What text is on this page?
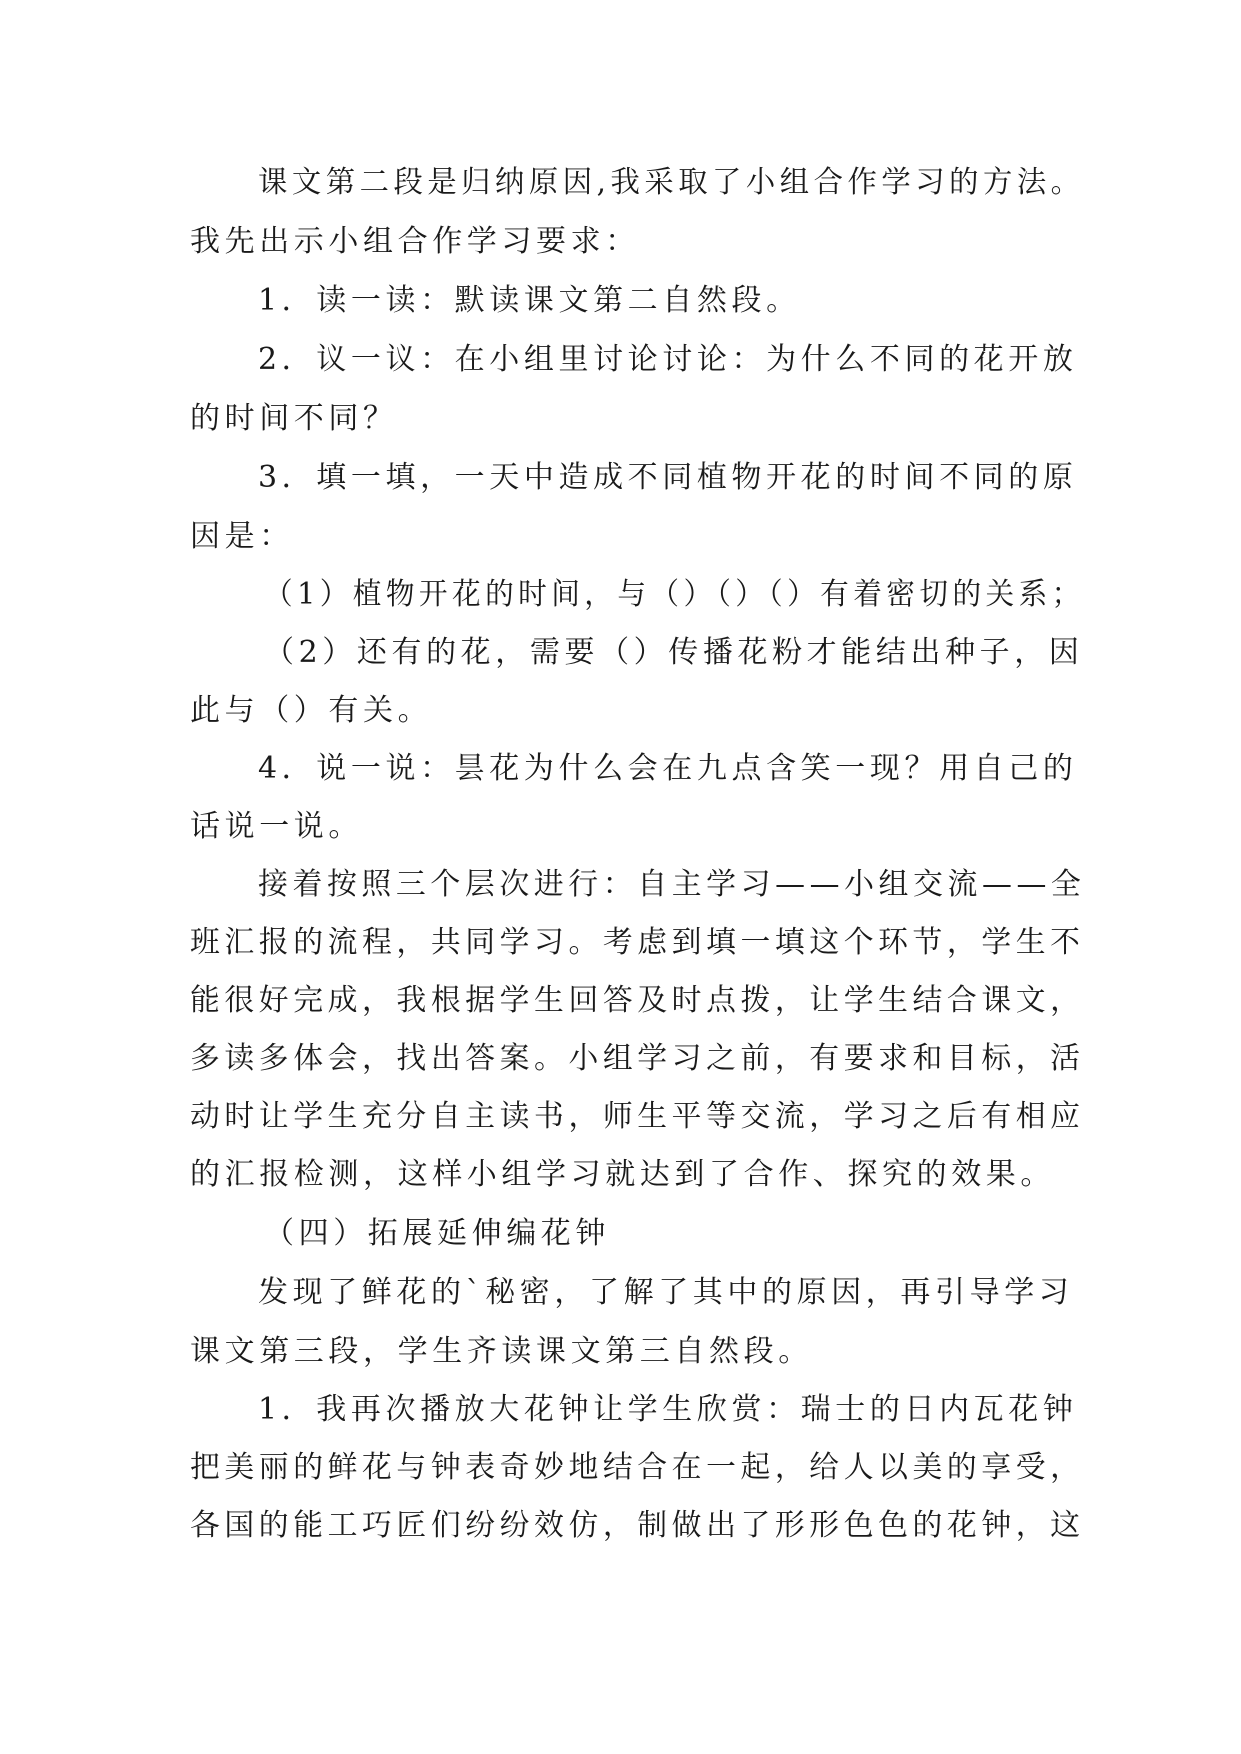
课文第二段是归纳原因,我采取了小组合作学习的方法。
我先出示小组合作学习要求：
1．读一读：默读课文第二自然段。
2．议一议：在小组里讨论讨论：为什么不同的花开放
的时间不同？
3．填一填，一天中造成不同植物开花的时间不同的原
因是：
（1）植物开花的时间，与（）（）（）有着密切的关系；
（2）还有的花，需要（）传播花粉才能结出种子，因
此与（）有关。
4．说一说：昙花为什么会在九点含笑一现？用自己的
话说一说。
接着按照三个层次进行：自主学习——小组交流——全
班汇报的流程，共同学习。考虑到填一填这个环节，学生不
能很好完成，我根据学生回答及时点拨，让学生结合课文，
多读多体会，找出答案。小组学习之前，有要求和目标，活
动时让学生充分自主读书，师生平等交流，学习之后有相应
的汇报检测，这样小组学习就达到了合作、探究的效果。
（四）拓展延伸编花钟
发现了鲜花的`秘密，了解了其中的原因，再引导学习
课文第三段，学生齐读课文第三自然段。
1．我再次播放大花钟让学生欣赏：瑞士的日内瓦花钟
把美丽的鲜花与钟表奇妙地结合在一起，给人以美的享受，
各国的能工巧匠们纷纷效仿，制做出了形形色色的花钟，这
